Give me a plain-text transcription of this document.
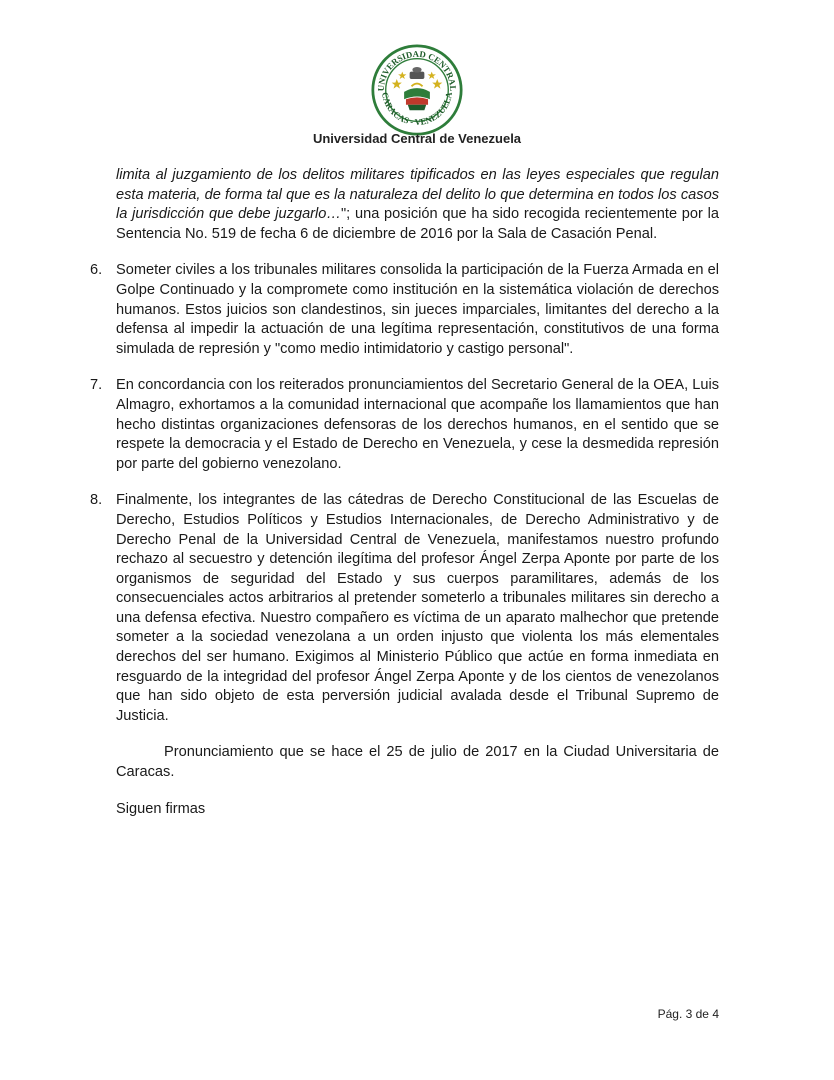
UNIVERSIDAD CENTRAL
CARACAS - VENEZUELA
Universidad Central de Venezuela

limita al juzgamiento de los delitos militares tipificados en las leyes especiales que regulan esta materia, de forma tal que es la naturaleza del delito lo que determina en todos los casos la jurisdicción que debe juzgarlo…"; una posición que ha sido recogida recientemente por la Sentencia No. 519 de fecha 6 de diciembre de 2016 por la Sala de Casación Penal.

6. Someter civiles a los tribunales militares consolida la participación de la Fuerza Armada en el Golpe Continuado y la compromete como institución en la sistemática violación de derechos humanos. Estos juicios son clandestinos, sin jueces imparciales, limitantes del derecho a la defensa al impedir la actuación de una legítima representación, constitutivos de una forma simulada de represión y "como medio intimidatorio y castigo personal".

7. En concordancia con los reiterados pronunciamientos del Secretario General de la OEA, Luis Almagro, exhortamos a la comunidad internacional que acompañe los llamamientos que han hecho distintas organizaciones defensoras de los derechos humanos, en el sentido que se respete la democracia y el Estado de Derecho en Venezuela, y cese la desmedida represión por parte del gobierno venezolano.

8. Finalmente, los integrantes de las cátedras de Derecho Constitucional de las Escuelas de Derecho, Estudios Políticos y Estudios Internacionales, de Derecho Administrativo y de Derecho Penal de la Universidad Central de Venezuela, manifestamos nuestro profundo rechazo al secuestro y detención ilegítima del profesor Ángel Zerpa Aponte por parte de los organismos de seguridad del Estado y sus cuerpos paramilitares, además de los consecuenciales actos arbitrarios al pretender someterlo a tribunales militares sin derecho a una defensa efectiva. Nuestro compañero es víctima de un aparato malhechor que pretende someter a la sociedad venezolana a un orden injusto que violenta los más elementales derechos del ser humano. Exigimos al Ministerio Público que actúe en forma inmediata en resguardo de la integridad del profesor Ángel Zerpa Aponte y de los cientos de venezolanos que han sido objeto de esta perversión judicial avalada desde el Tribunal Supremo de Justicia.

Pronunciamiento que se hace el 25 de julio de 2017 en la Ciudad Universitaria de Caracas.

Siguen firmas

Pág. 3 de 4
